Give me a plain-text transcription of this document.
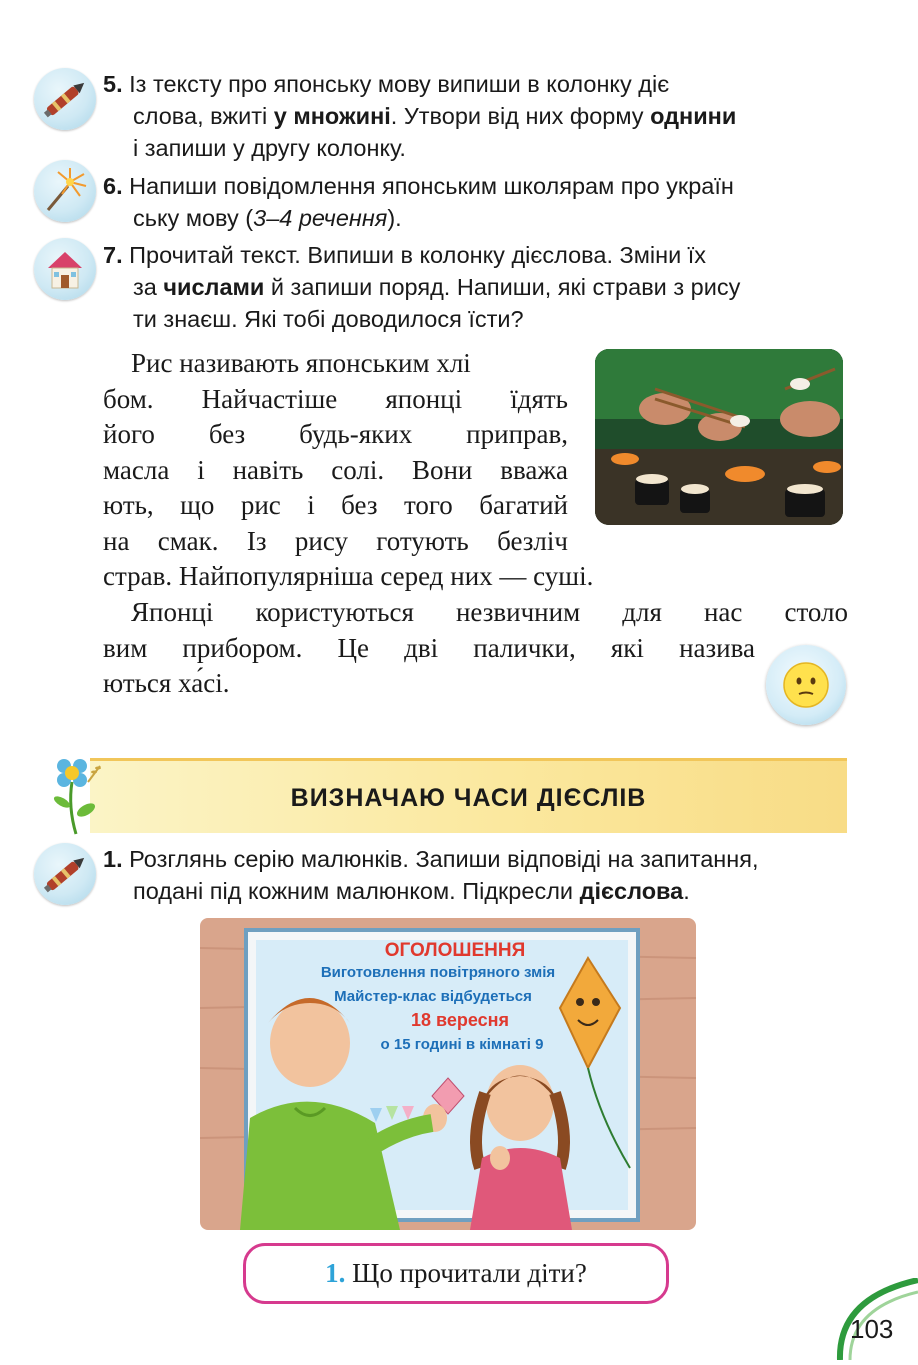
5. Із тексту про японську мову випиши в колонку діє
слова, вжиті у множині. Утвори від них форму однини
і запиши у другу колонку.
6. Напиши повідомлення японським школярам про україн
ську мову (3–4 речення).
7. Прочитай текст. Випиши в колонку дієслова. Зміни їх
за числами й запиши поряд. Напиши, які страви з рису
ти знаєш. Які тобі доводилося їсти?
Рис називають японським хлі
бом. Найчастіше японці їдять
його без будь-яких приправ,
масла і навіть солі. Вони вважа
ють, що рис і без того багатий
на смак. Із рису готують безліч
страв. Найпопулярніша серед них — суші.
Японці користуються незвичним для нас столо
вим прибором. Це дві палички, які назива
ються ха́сі.
ВИЗНАЧАЮ ЧАСИ ДІЄСЛІВ
1. Розглянь серію малюнків. Запиши відповіді на запитання,
подані під кожним малюнком. Підкресли дієслова.
ОГОЛОШЕННЯ
Виготовлення повітряного змія
Майстер-клас відбудеться
18 вересня
о 15 годині в кімнаті 9
1. Що прочитали діти?
103
